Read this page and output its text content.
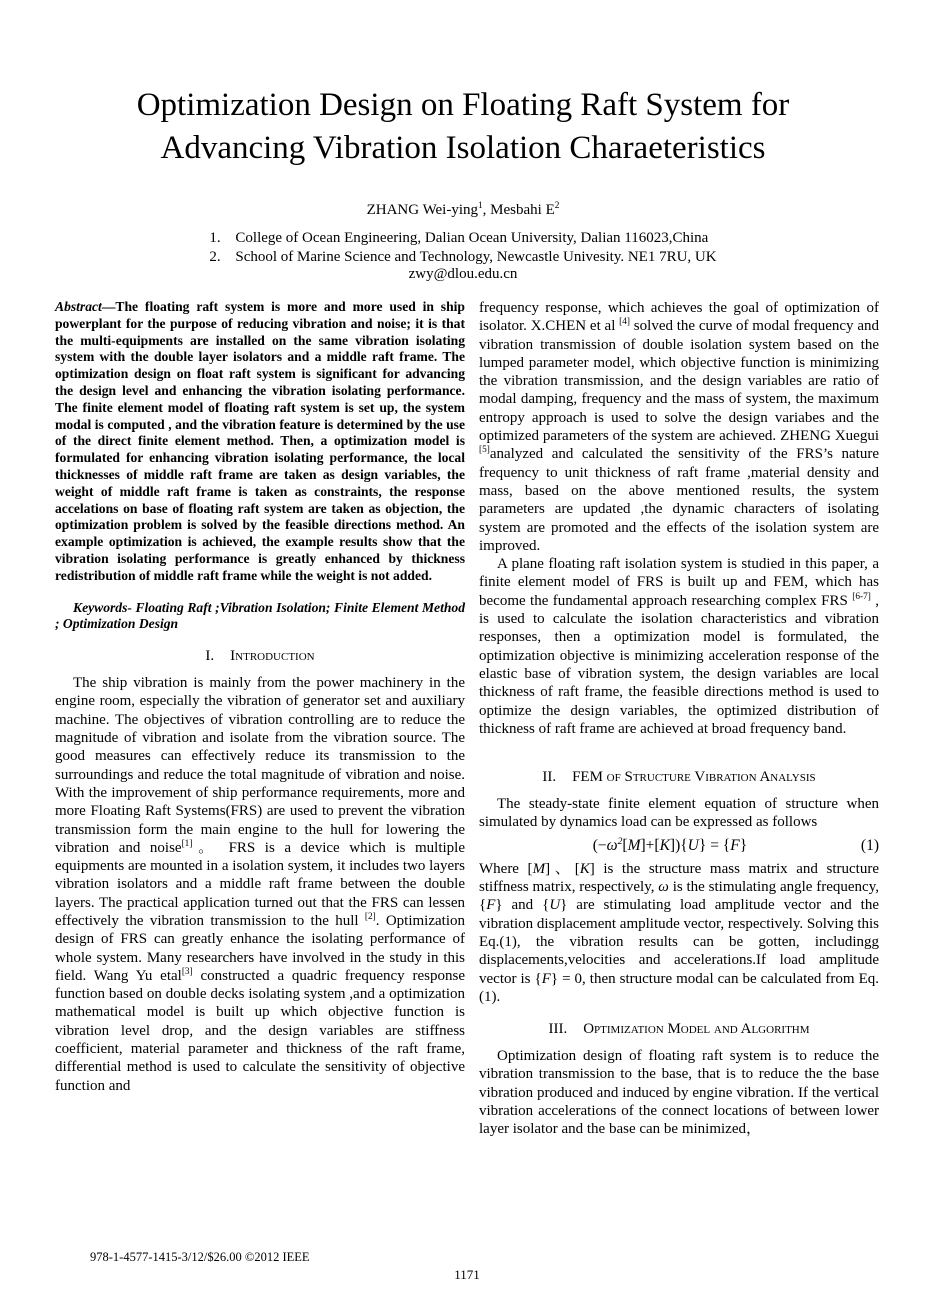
Optimization Design on Floating Raft System for
Advancing Vibration Isolation Charaeteristics
ZHANG Wei-ying$^1$, Mesbahi $E^2$
1. College of Ocean Engineering, Dalian Ocean University, Dalian 116023,China
2. School of Marine Science and Technology, Newcastle Univesity. NE1 7RU, UK
zwy@dlou.edu.cn

Abstract—The floating raft system is more and more used in ship powerplant for the purpose of reducing vibration and noise; it is that the multi-equipments are installed on the same vibration isolating system with the double layer isolators and a middle raft frame. The optimization design on float raft system is significant for advancing the design level and enhancing the vibration isolating performance. The finite element model of floating raft system is set up, the system modal is computed , and the vibration feature is determined by the use of the direct finite element method. Then, a optimization model is formulated for enhancing vibration isolating performance, the local thicknesses of middle raft frame are taken as design variables, the weight of middle raft frame is taken as constraints, the response accelations on base of floating raft system are taken as objection, the optimization problem is solved by the feasible directions method. An example optimization is achieved, the example results show that the vibration isolating performance is greatly enhanced by thickness redistribution of middle raft frame while the weight is not added.

Keywords- Floating Raft ;Vibration Isolation; Finite Element Method ; Optimization Design

I. Introduction

The ship vibration is mainly from the power machinery in the engine room, especially the vibration of generator set and auxiliary machine. The objectives of vibration controlling are to reduce the magnitude of vibration and isolate from the vibration source. The good measures can effectively reduce its transmission to the surroundings and reduce the total magnitude of vibration and noise. With the improvement of ship performance requirements, more and more Floating Raft Systems(FRS) are used to prevent the vibration transmission form the main engine to the hull for lowering the vibration and noise[1]。 FRS is a device which is multiple equipments are mounted in a isolation system, it includes two layers vibration isolators and a middle raft frame between the double layers. The practical application turned out that the FRS can lessen effectively the vibration transmission to the hull [2]. Optimization design of FRS can greatly enhance the isolating performance of whole system. Many researchers have involved in the study in this field. Wang Yu etal[3] constructed a quadric frequency response function based on double decks isolating system ,and a optimization mathematical model is built up which objective function is vibration level drop, and the design variables are stiffness coefficient, material parameter and thickness of the raft frame, differential method is used to calculate the sensitivity of objective function and

frequency response, which achieves the goal of optimization of isolator. X.CHEN et al [4] solved the curve of modal frequency and vibration transmission of double isolation system based on the lumped parameter model, which objective function is minimizing the vibration transmission, and the design variables are ratio of modal damping, frequency and the mass of system, the maximum entropy approach is used to solve the design variabes and the optimized parameters of the system are achieved. ZHENG Xuegui [5]analyzed and calculated the sensitivity of the FRS’s nature frequency to unit thickness of raft frame ,material density and mass, based on the above mentioned results, the system parameters are updated ,the dynamic characters of isolating system are promoted and the effects of the isolation system are improved.

A plane floating raft isolation system is studied in this paper, a finite element model of FRS is built up and FEM, which has become the fundamental approach researching complex FRS [6-7] , is used to calculate the isolation characteristics and vibration responses, then a optimization model is formulated, the optimization objective is minimizing acceleration response of the elastic base of vibration system, the design variables are local thickness of raft frame, the feasible directions method is used to optimize the design variables, the optimized distribution of thickness of raft frame are achieved at broad frequency band.

II. FEM of Structure Vibration Analysis

The steady-state finite element equation of structure when simulated by dynamics load can be expressed as follows

$(-\omega^2[M]+[K])\{U\} = \{F\}$	(1)

Where [M]、[K] is the structure mass matrix and structure stiffness matrix, respectively, ω is the stimulating angle frequency, {F} and {U} are stimulating load amplitude vector and the vibration displacement amplitude vector, respectively. Solving this Eq.(1), the vibration results can be gotten, includingg displacements,velocities and accelerations.If load amplitude vector is {F} = 0, then structure modal can be calculated from Eq.(1).

III. Optimization Model and Algorithm

Optimization design of floating raft system is to reduce the vibration transmission to the base, that is to reduce the the base vibration produced and induced by engine vibration. If the vertical vibration accelerations of the connect locations of between lower layer isolator and the base can be minimized，

978-1-4577-1415-3/12/$26.00 ©2012 IEEE
1171
